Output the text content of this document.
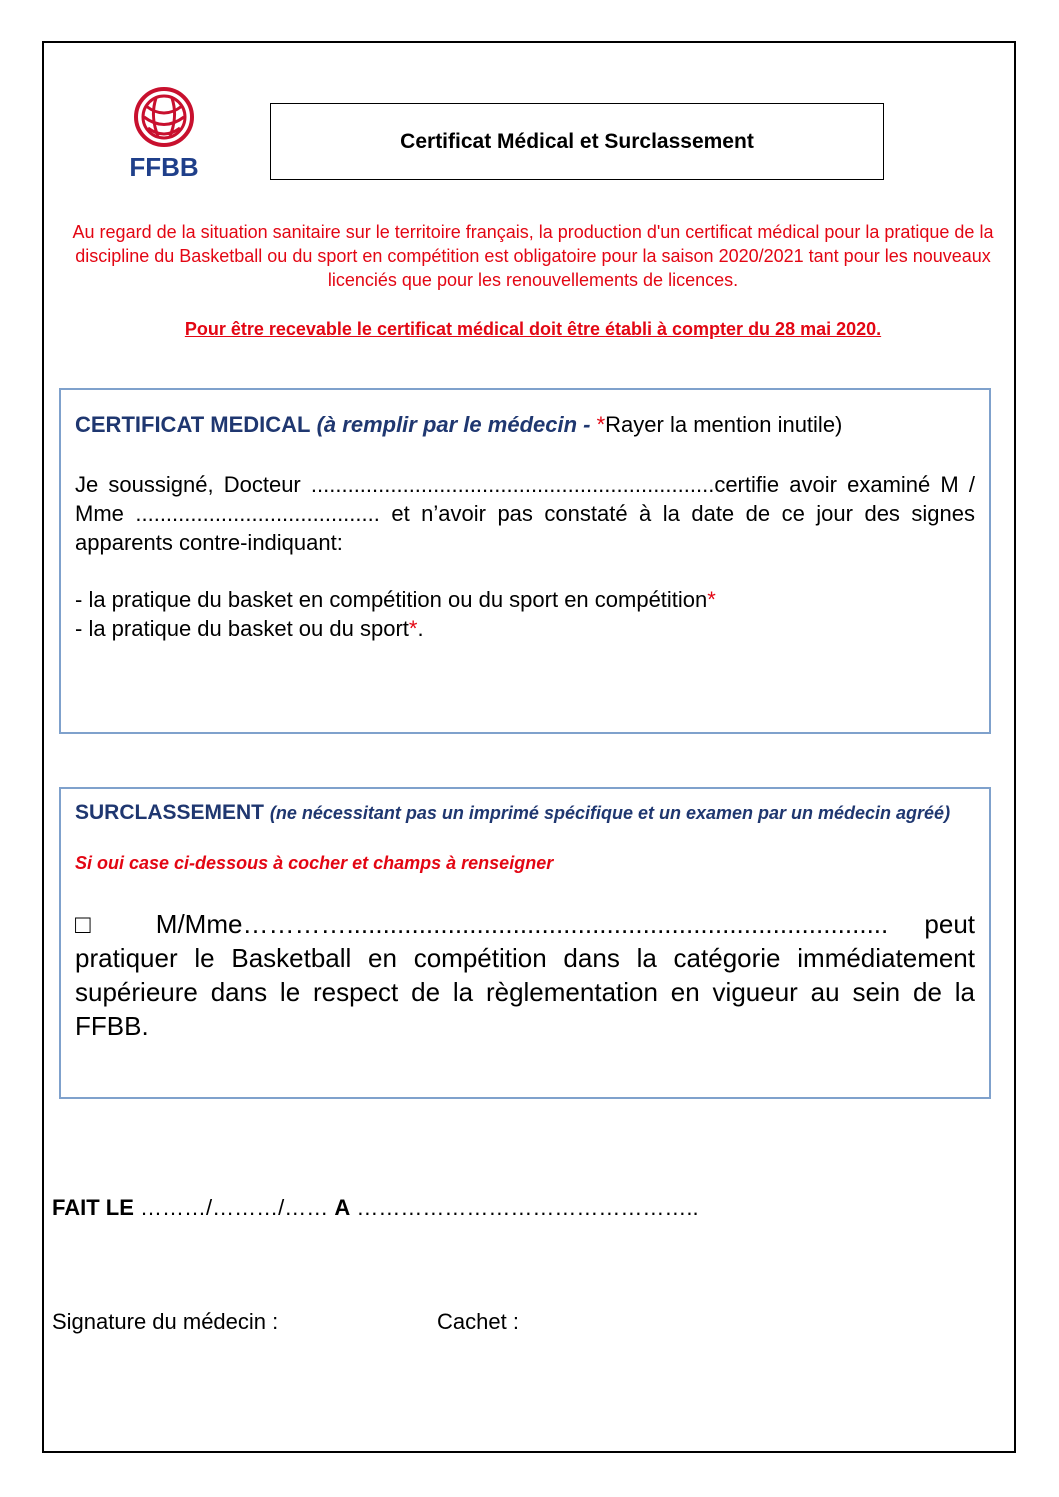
FFBB
Certificat Médical et Surclassement
Au regard de la situation sanitaire sur le territoire français, la production d'un certificat médical pour la pratique de la discipline du Basketball ou du sport en compétition est obligatoire pour la saison 2020/2021 tant pour les nouveaux licenciés que pour les renouvellements de licences.
Pour être recevable le certificat médical doit être établi à compter du 28 mai 2020.
CERTIFICAT MEDICAL (à remplir par le médecin - *Rayer la mention inutile)

Je soussigné, Docteur ..................................................................certifie avoir examiné M / Mme ........................................ et n’avoir pas constaté à la date de ce jour des signes apparents contre-indiquant:

- la pratique du basket en compétition ou du sport en compétition*
- la pratique du basket ou du sport*.
SURCLASSEMENT (ne nécessitant pas un imprimé spécifique et un examen par un médecin agréé)
Si oui case ci-dessous à cocher et champs à renseigner
□ M/Mme…………........................................................................... peut pratiquer le Basketball en compétition dans la catégorie immédiatement supérieure dans le respect de la règlementation en vigueur au sein de la FFBB.
FAIT LE ………/………/…… A ………………………………………..
Signature du médecin :	Cachet :
